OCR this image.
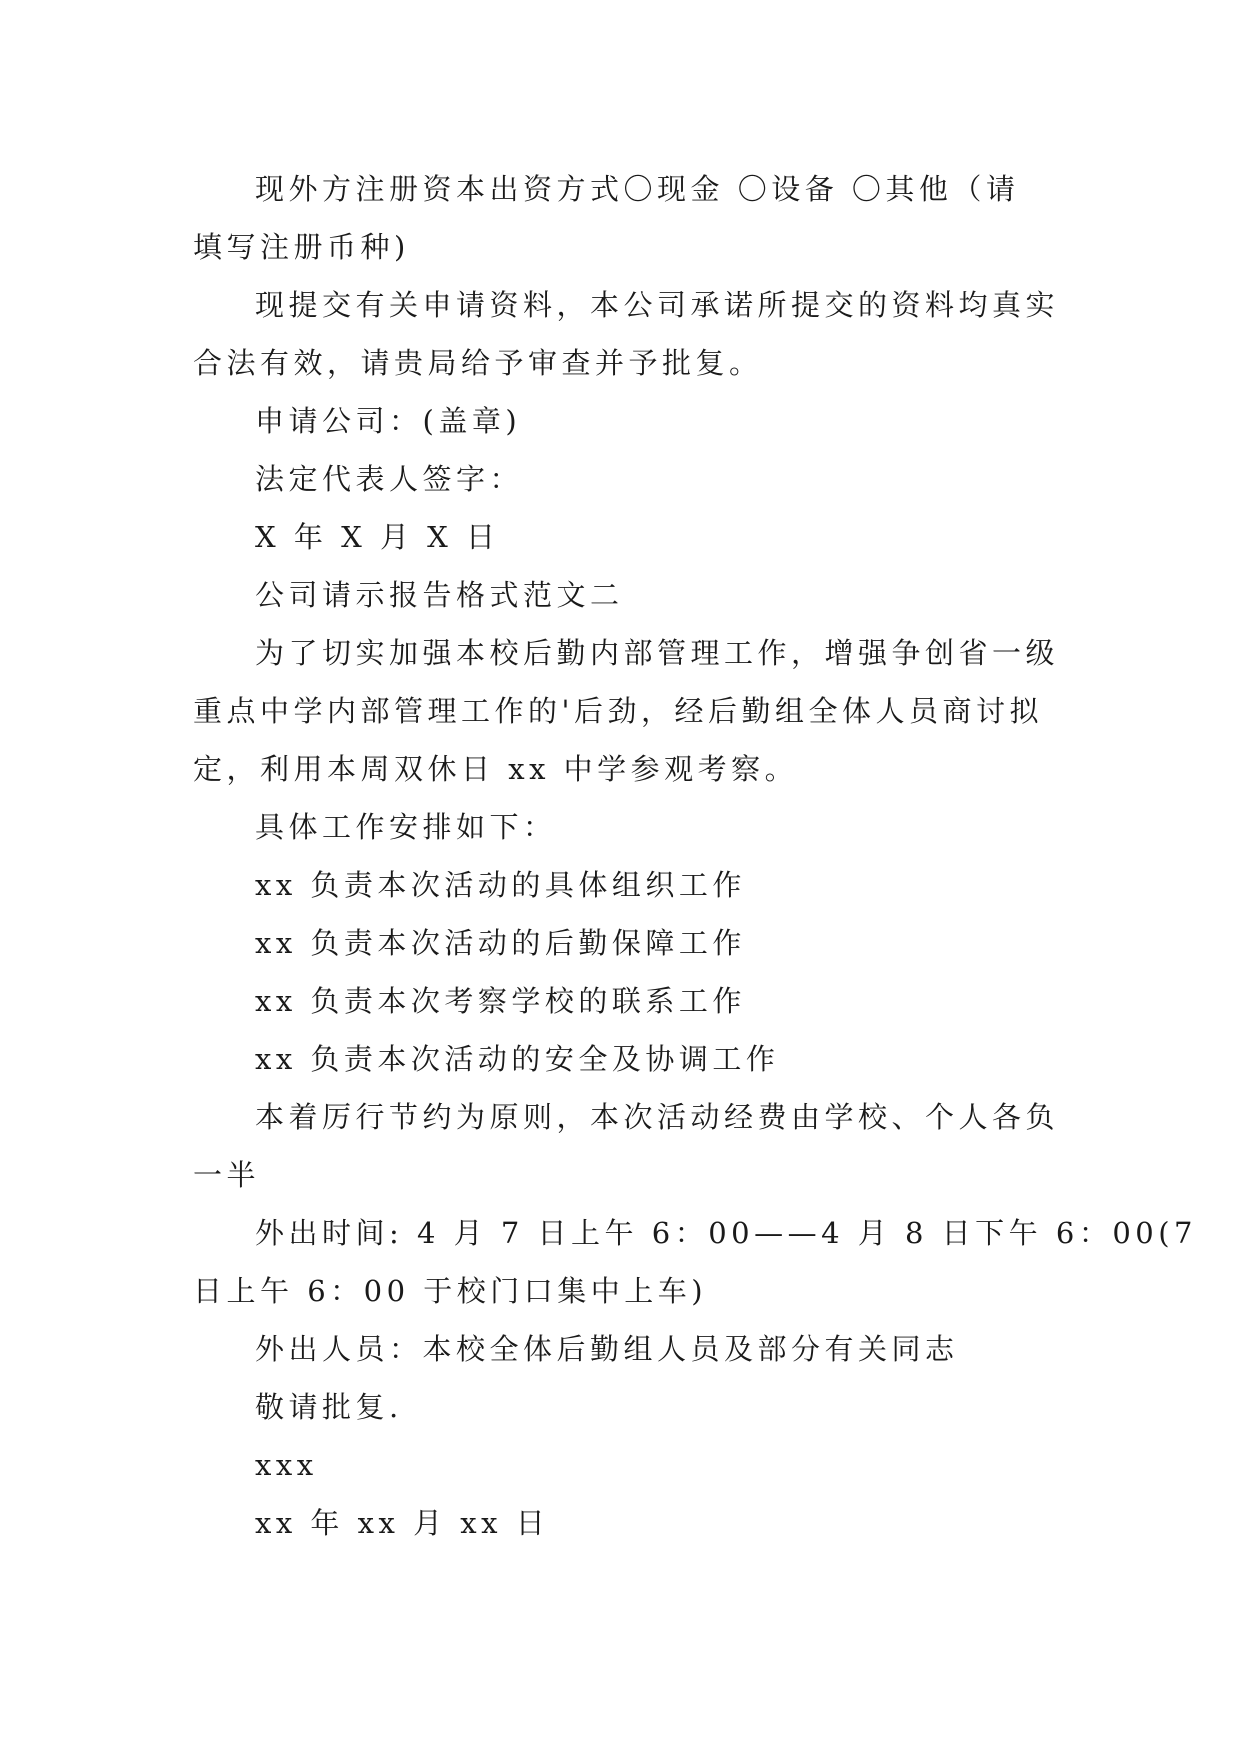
现外方注册资本出资方式〇现金 〇设备 〇其他（请

填写注册币种)

现提交有关申请资料，本公司承诺所提交的资料均真实

合法有效，请贵局给予审查并予批复。

申请公司：(盖章)

法定代表人签字：

X 年 X 月 X 日

公司请示报告格式范文二

为了切实加强本校后勤内部管理工作，增强争创省一级

重点中学内部管理工作的'后劲，经后勤组全体人员商讨拟

定，利用本周双休日 xx 中学参观考察。

具体工作安排如下：

xx 负责本次活动的具体组织工作

xx 负责本次活动的后勤保障工作

xx 负责本次考察学校的联系工作

xx 负责本次活动的安全及协调工作

本着厉行节约为原则，本次活动经费由学校、个人各负

一半

外出时间: 4 月 7 日上午 6：00——4 月 8 日下午 6：00(7

日上午 6：00 于校门口集中上车)

外出人员：本校全体后勤组人员及部分有关同志

敬请批复.

xxx

xx 年 xx 月 xx 日
